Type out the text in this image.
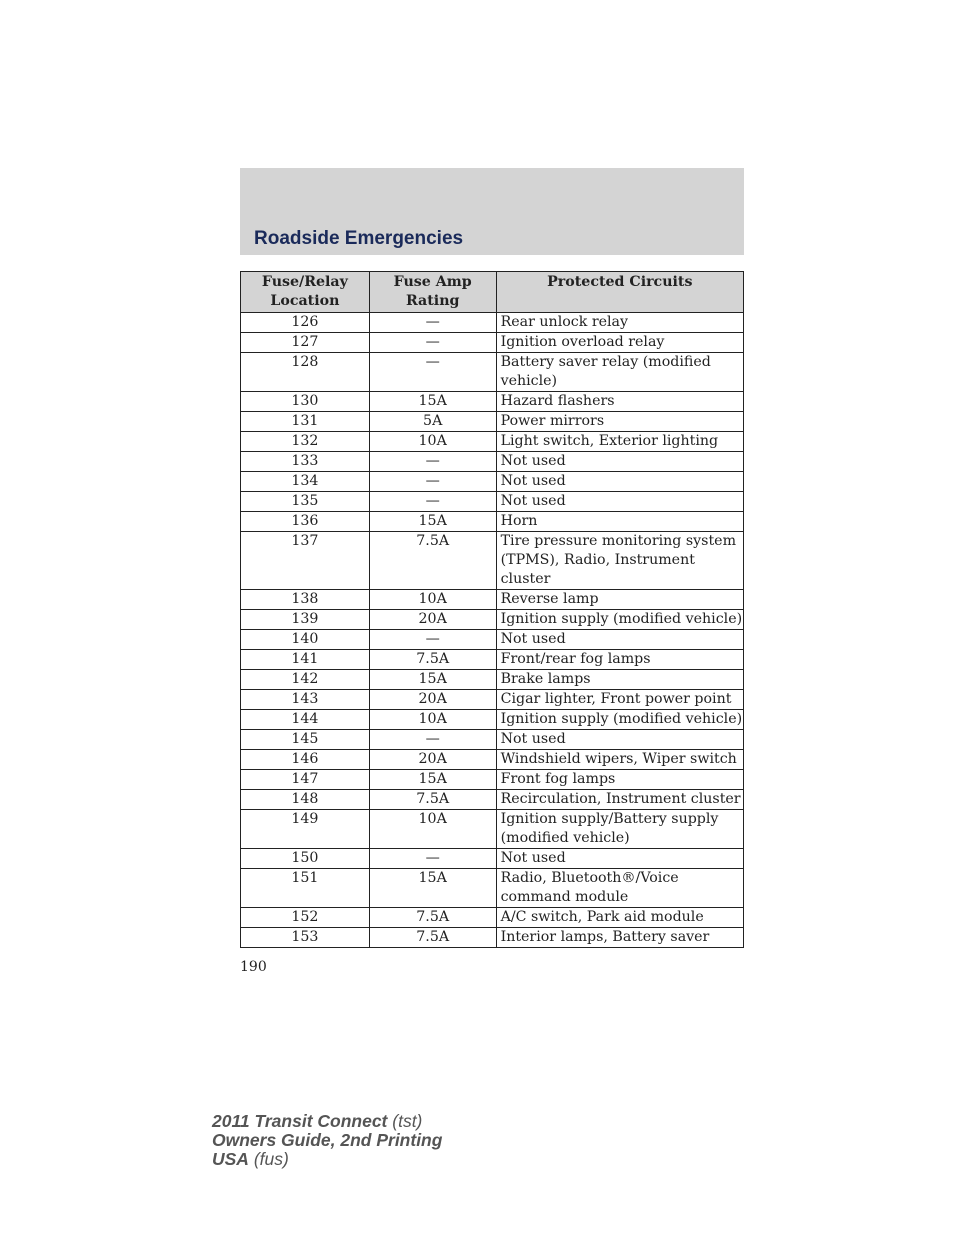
Roadside Emergencies
Fuse/Relay Location	Fuse Amp Rating	Protected Circuits
126	—	Rear unlock relay
127	—	Ignition overload relay
128	—	Battery saver relay (modified vehicle)
130	15A	Hazard flashers
131	5A	Power mirrors
132	10A	Light switch, Exterior lighting
133	—	Not used
134	—	Not used
135	—	Not used
136	15A	Horn
137	7.5A	Tire pressure monitoring system (TPMS), Radio, Instrument cluster
138	10A	Reverse lamp
139	20A	Ignition supply (modified vehicle)
140	—	Not used
141	7.5A	Front/rear fog lamps
142	15A	Brake lamps
143	20A	Cigar lighter, Front power point
144	10A	Ignition supply (modified vehicle)
145	—	Not used
146	20A	Windshield wipers, Wiper switch
147	15A	Front fog lamps
148	7.5A	Recirculation, Instrument cluster
149	10A	Ignition supply/Battery supply (modified vehicle)
150	—	Not used
151	15A	Radio, Bluetooth®/Voice command module
152	7.5A	A/C switch, Park aid module
153	7.5A	Interior lamps, Battery saver
190
2011 Transit Connect (tst)
Owners Guide, 2nd Printing
USA (fus)
